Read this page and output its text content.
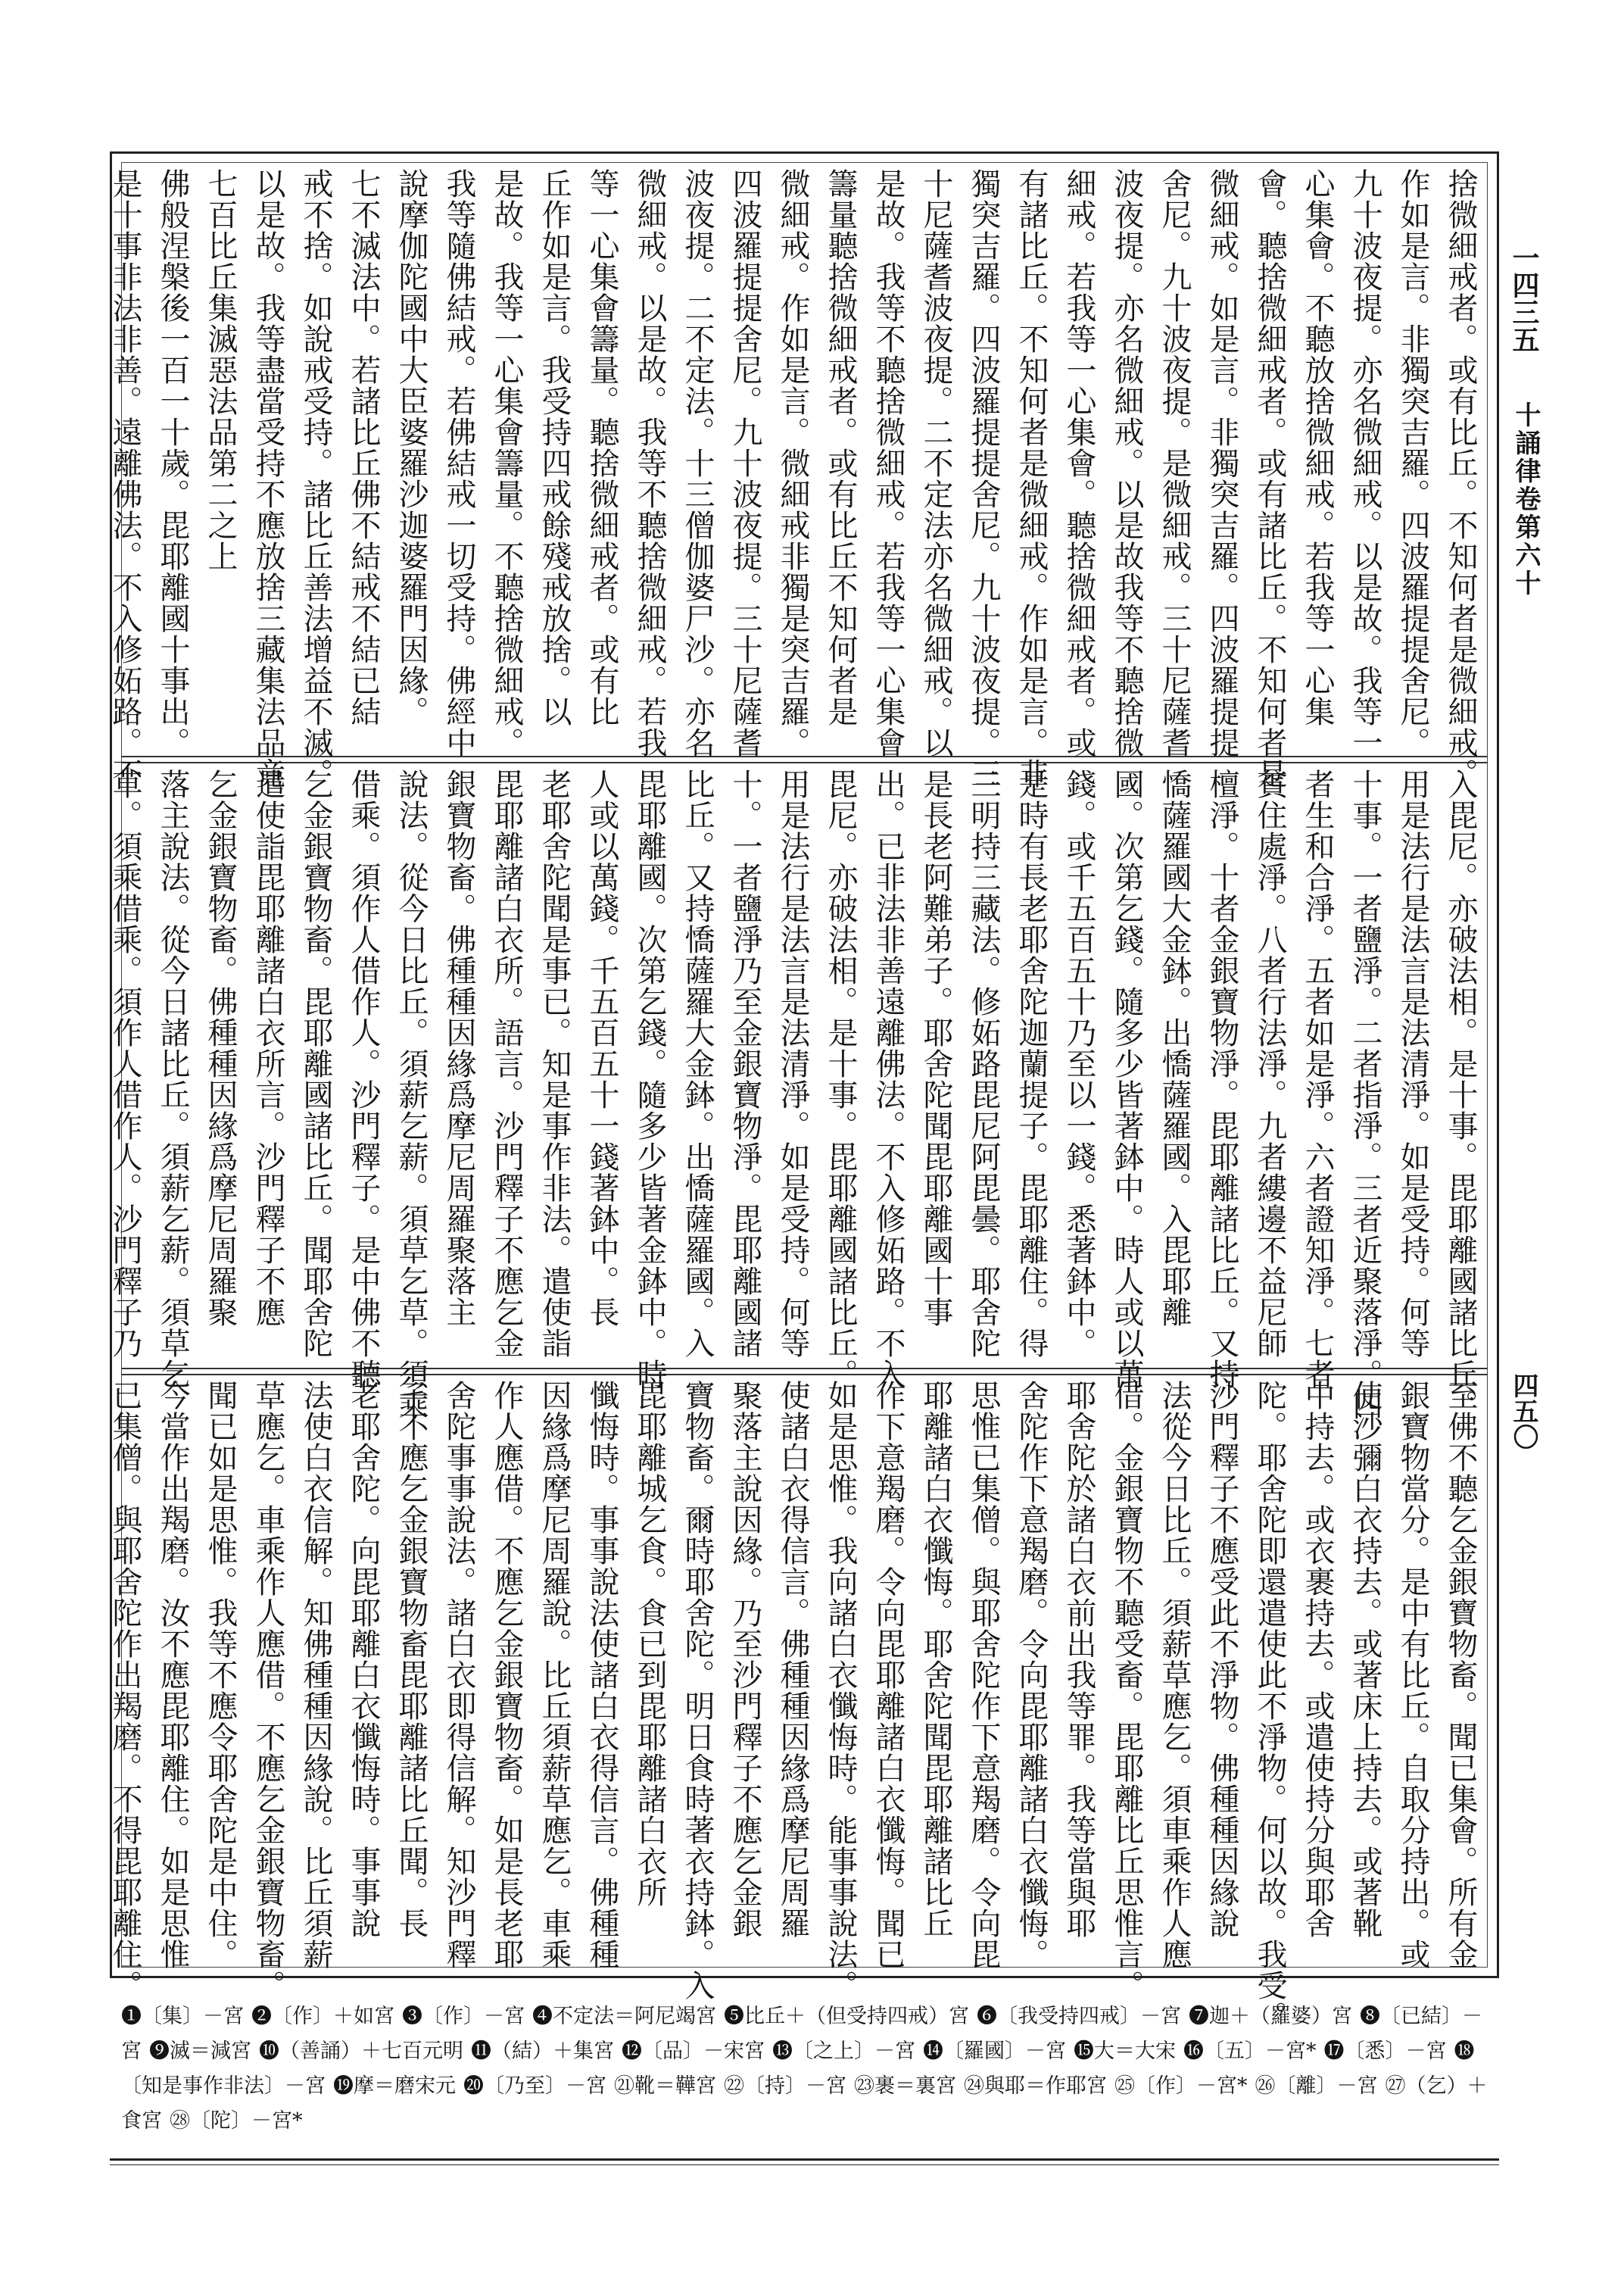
一四三五
十誦律卷第六十
四五〇
捨微細戒者。或有比丘。不知何者是微細戒。
作如是言。非獨突吉羅。四波羅提提舍尼。
九十波夜提。亦名微細戒。以是故。我等一
心集會。不聽放捨微細戒。若我等一心集
會。聽捨微細戒者。或有諸比丘。不知何者是
微細戒。如是言。非獨突吉羅。四波羅提提
舍尼。九十波夜提。是微細戒。三十尼薩耆
波夜提。亦名微細戒。以是故我等不聽捨微
細戒。若我等一心集會。聽捨微細戒者。或
有諸比丘。不知何者是微細戒。作如是言。非
獨突吉羅。四波羅提提舍尼。九十波夜提。三
十尼薩耆波夜提。二不定法亦名微細戒。以
是故。我等不聽捨微細戒。若我等一心集會
籌量聽捨微細戒者。或有比丘不知何者是
微細戒。作如是言。微細戒非獨是突吉羅。
四波羅提提舍尼。九十波夜提。三十尼薩耆
波夜提。二不定法。十三僧伽婆尸沙。亦名
微細戒。以是故。我等不聽捨微細戒。若我
等一心集會籌量。聽捨微細戒者。或有比
丘作如是言。我受持四戒餘殘戒放捨。以
是故。我等一心集會籌量。不聽捨微細戒。
我等隨佛結戒。若佛結戒一切受持。佛經中
說摩伽陀國中大臣婆羅沙迦婆羅門因緣。
七不滅法中。若諸比丘佛不結戒不結已結
戒不捨。如說戒受持。諸比丘善法增益不滅。
以是故。我等盡當受持不應放捨三藏集法品竟
七百比丘集滅惡法品第二之上
佛般涅槃後一百一十歲。毘耶離國十事出。
是十事非法非善。遠離佛法。不入修妬路。不
入毘尼。亦破法相。是十事。毘耶離國諸比丘。
用是法行是法言是法清淨。如是受持。何等
十事。一者鹽淨。二者指淨。三者近聚落淨。四
者生和合淨。五者如是淨。六者證知淨。七者
貧住處淨。八者行法淨。九者縷邊不益尼師
檀淨。十者金銀寶物淨。毘耶離諸比丘。又持
憍薩羅國大金鉢。出憍薩羅國。入毘耶離
國。次第乞錢。隨多少皆著鉢中。時人或以萬
錢。或千五百五十乃至以一錢。悉著鉢中。
是時有長老耶舍陀迦蘭提子。毘耶離住。得
三明持三藏法。修妬路毘尼阿毘曇。耶舍陀
是長老阿難弟子。耶舍陀聞毘耶離國十事
出。已非法非善遠離佛法。不入修妬路。不入
毘尼。亦破法相。是十事。毘耶離國諸比丘。
用是法行是法言是法清淨。如是受持。何等
十。一者鹽淨乃至金銀寶物淨。毘耶離國諸
比丘。又持憍薩羅大金鉢。出憍薩羅國。入
毘耶離國。次第乞錢。隨多少皆著金鉢中。時
人或以萬錢。千五百五十一錢著鉢中。長
老耶舍陀聞是事已。知是事作非法。遣使詣
毘耶離諸白衣所。語言。沙門釋子不應乞金
銀寶物畜。佛種種因緣爲摩尼周羅聚落主
說法。從今日比丘。須薪乞薪。須草乞草。須乘
借乘。須作人借作人。沙門釋子。是中佛不聽
乞金銀寶物畜。毘耶離國諸比丘。聞耶舍陀
遣使詣毘耶離諸白衣所言。沙門釋子不應
乞金銀寶物畜。佛種種因緣爲摩尼周羅聚
落主說法。從今日諸比丘。須薪乞薪。須草乞
草。須乘借乘。須作人借作人。沙門釋子乃
至佛不聽乞金銀寶物畜。聞已集會。所有金
銀寶物當分。是中有比丘。自取分持出。或
使沙彌白衣持去。或著床上持去。或著靴
中持去。或衣裹持去。或遣使持分與耶舍
陀。耶舍陀即還遣使此不淨物。何以故。我受。
沙門釋子不應受此不淨物。佛種種因緣說
法從今日比丘。須薪草應乞。須車乘作人應
借。金銀寶物不聽受畜。毘耶離比丘思惟言。
耶舍陀於諸白衣前出我等罪。我等當與耶
舍陀作下意羯磨。令向毘耶離諸白衣懺悔。
思惟已集僧。與耶舍陀作下意羯磨。令向毘
耶離諸白衣懺悔。耶舍陀聞毘耶離諸比丘
作下意羯磨。令向毘耶離諸白衣懺悔。聞已
如是思惟。我向諸白衣懺悔時。能事事說法。
使諸白衣得信言。佛種種因緣爲摩尼周羅
聚落主說因緣。乃至沙門釋子不應乞金銀
寶物畜。爾時耶舍陀。明日食時著衣持鉢。入
毘耶離城乞食。食已到毘耶離諸白衣所
懺悔時。事事說法使諸白衣得信言。佛種種
因緣爲摩尼周羅說。比丘須薪草應乞。車乘
作人應借。不應乞金銀寶物畜。如是長老耶
舍陀事事說法。諸白衣即得信解。知沙門釋
子不應乞金銀寶物畜毘耶離諸比丘聞。長
老耶舍陀。向毘耶離白衣懺悔時。事事說
法使白衣信解。知佛種種因緣說。比丘須薪
草應乞。車乘作人應借。不應乞金銀寶物畜。
聞已如是思惟。我等不應令耶舍陀是中住。
今當作出羯磨。汝不應毘耶離住。如是思惟
已集僧。與耶舍陀作出羯磨。不得毘耶離住。
❶〔集〕－宮 ❷〔作〕＋如宮 ❸〔作〕－宮 ❹不定法＝阿尼竭宮 ❺比丘＋（但受持四戒）宮 ❻〔我受持四戒〕－宮 ❼迦＋（羅婆）宮 ❽〔已結〕－宮 ❾滅＝減宮 ❿（善誦）＋七百元明 ⓫（結）＋集宮 ⓬〔品〕－宋宮 ⓭〔之上〕－宮 ⓮〔羅國〕－宮 ⓯大＝大宋 ⓰〔五〕－宮* ⓱〔悉〕－宮 ⓲〔知是事作非法〕－宮 ⓳摩＝磨宋元 ⓴〔乃至〕－宮 ㉑靴＝鞾宮 ㉒〔持〕－宮 ㉓裹＝裏宮 ㉔與耶＝作耶宮 ㉕〔作〕－宮* ㉖〔離〕－宮 ㉗（乞）＋食宮 ㉘〔陀〕－宮*
